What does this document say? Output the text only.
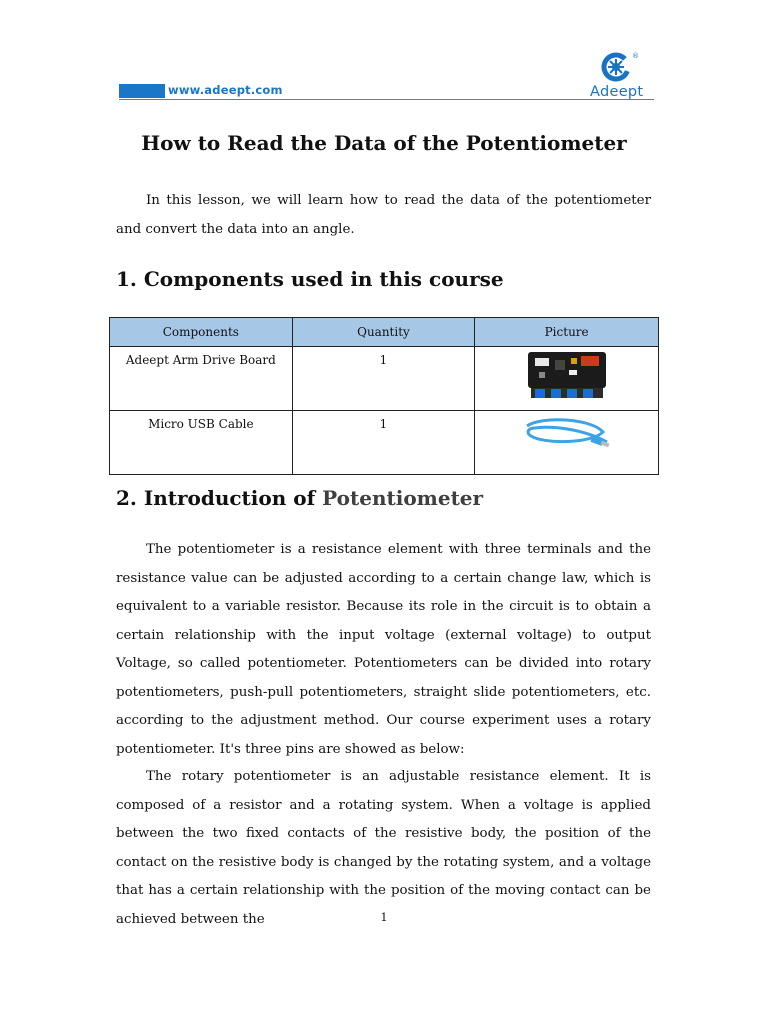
www.adeept.com
®
Adeept
How to Read the Data of the Potentiometer

In this lesson, we will learn how to read the data of the potentiometer and convert the data into an angle.

1. Components used in this course
Components	Quantity	Picture
Adeept Arm Drive Board	1	
Micro USB Cable	1	
2. Introduction of Potentiometer

The potentiometer is a resistance element with three terminals and the resistance value can be adjusted according to a certain change law, which is equivalent to a variable resistor. Because its role in the circuit is to obtain a certain relationship with the input voltage (external voltage) to output Voltage, so called potentiometer. Potentiometers can be divided into rotary potentiometers, push-pull potentiometers, straight slide potentiometers, etc. according to the adjustment method. Our course experiment uses a rotary potentiometer. It's three pins are showed as below:

The rotary potentiometer is an adjustable resistance element. It is composed of a resistor and a rotating system. When a voltage is applied between the two fixed contacts of the resistive body, the position of the contact on the resistive body is changed by the rotating system, and a voltage that has a certain relationship with the position of the moving contact can be achieved between the	1
